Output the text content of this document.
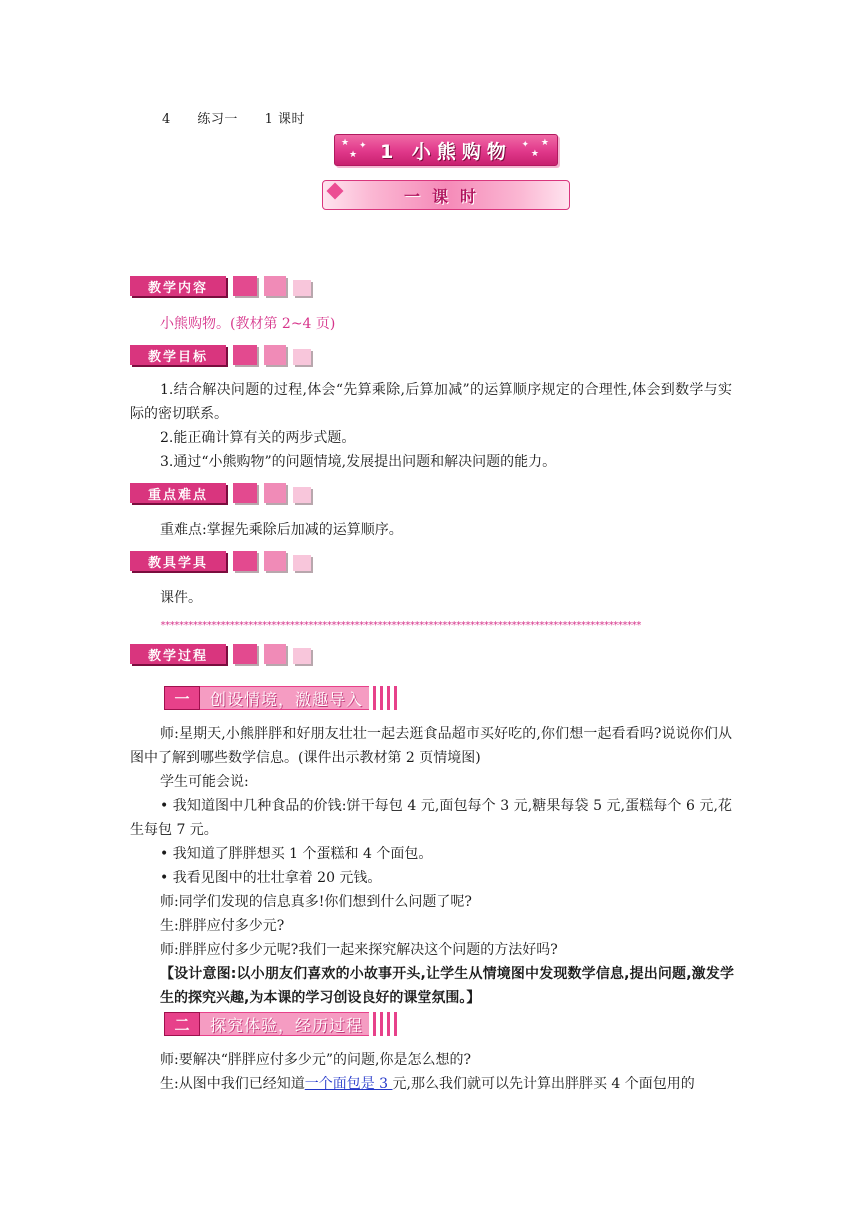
4 练习一 1 课时
★
★
✦	★
★
✦
1 小熊购物
一课时
教学内容
小熊购物。(教材第 2~4 页)
教学目标
1.结合解决问题的过程,体会“先算乘除,后算加减”的运算顺序规定的合理性,体会到数学与实际的密切联系。
2.能正确计算有关的两步式题。
3.通过“小熊购物”的问题情境,发展提出问题和解决问题的能力。
重点难点
重难点:掌握先乘除后加减的运算顺序。
教具学具
课件。
********************************************************************************************************
教学过程
一	创设情境，激趣导入
师:星期天,小熊胖胖和好朋友壮壮一起去逛食品超市买好吃的,你们想一起看看吗?说说你们从图中了解到哪些数学信息。(课件出示教材第 2 页情境图)
学生可能会说:
• 我知道图中几种食品的价钱:饼干每包 4 元,面包每个 3 元,糖果每袋 5 元,蛋糕每个 6 元,花生每包 7 元。
• 我知道了胖胖想买 1 个蛋糕和 4 个面包。
• 我看见图中的壮壮拿着 20 元钱。
师:同学们发现的信息真多!你们想到什么问题了呢?
生:胖胖应付多少元?
师:胖胖应付多少元呢?我们一起来探究解决这个问题的方法好吗?
【设计意图:以小朋友们喜欢的小故事开头,让学生从情境图中发现数学信息,提出问题,激发学生的探究兴趣,为本课的学习创设良好的课堂氛围。】
二	探究体验，经历过程
师:要解决“胖胖应付多少元”的问题,你是怎么想的?
生:从图中我们已经知道一个面包是 3 元,那么我们就可以先计算出胖胖买 4 个面包用的
